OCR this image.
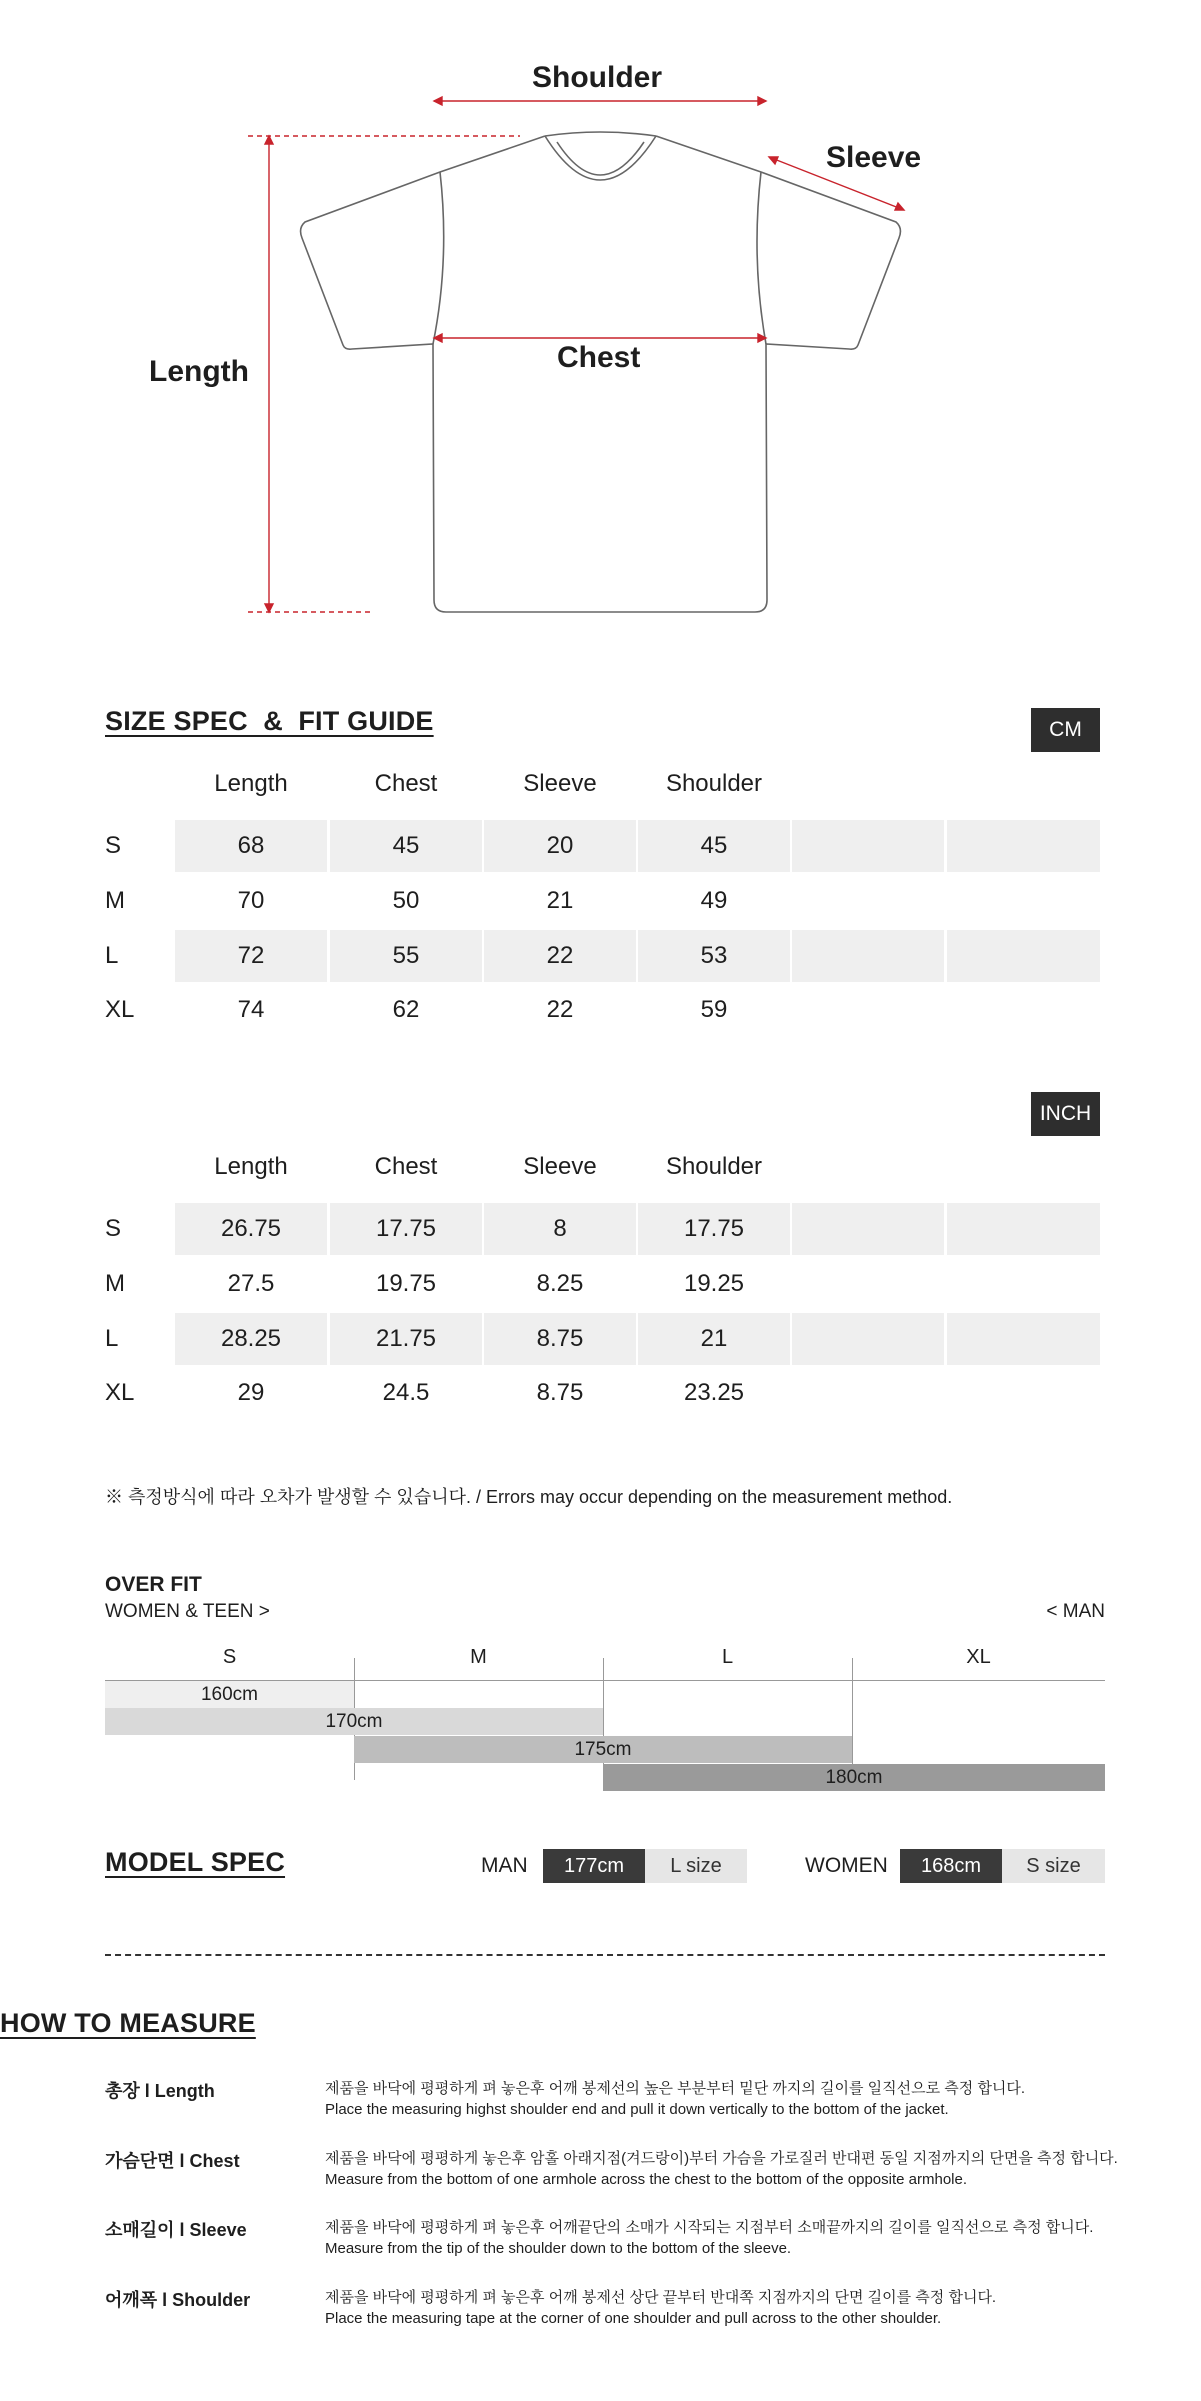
Shoulder
Sleeve
Length	Chest
SIZE SPEC  &  FIT GUIDE	CM
Length	Chest	Sleeve	Shoulder
S	68	45	20	45
M	70	50	21	49
L	72	55	22	53
XL	74	62	22	59
INCH
Length	Chest	Sleeve	Shoulder
S	26.75	17.75	8	17.75
M	27.5	19.75	8.25	19.25
L	28.25	21.75	8.75	21
XL	29	24.5	8.75	23.25
※ 측정방식에 따라 오차가 발생할 수 있습니다. / Errors may occur depending on the measurement method.
OVER FIT
WOMEN & TEEN >	< MAN
S	M	L	XL
160cm
170cm
175cm
180cm
MODEL SPEC	MAN	177cm	L size	WOMEN	168cm	S size
HOW TO MEASURE
총장 l Length	제품을 바닥에 평평하게 펴 놓은후 어깨 봉제선의 높은 부분부터 밑단 까지의 길이를 일직선으로 측정 합니다.
Place the measuring highst shoulder end and pull it down vertically to the bottom of the jacket.
가슴단면 l Chest	제품을 바닥에 평평하게 놓은후 암홀 아래지점(겨드랑이)부터 가슴을 가로질러 반대편 동일 지점까지의 단면을 측정 합니다.
Measure from the bottom of one armhole across the chest to the bottom of the opposite armhole.
소매길이 l Sleeve	제품을 바닥에 평평하게 펴 놓은후 어깨끝단의 소매가 시작되는 지점부터 소매끝까지의 길이를 일직선으로 측정 합니다.
Measure from the tip of the shoulder down to the bottom of the sleeve.
어깨폭 l Shoulder	제품을 바닥에 평평하게 펴 놓은후 어깨 봉제선 상단 끝부터 반대쪽 지점까지의 단면 길이를 측정 합니다.
Place the measuring tape at the corner of one shoulder and pull across to the other shoulder.
